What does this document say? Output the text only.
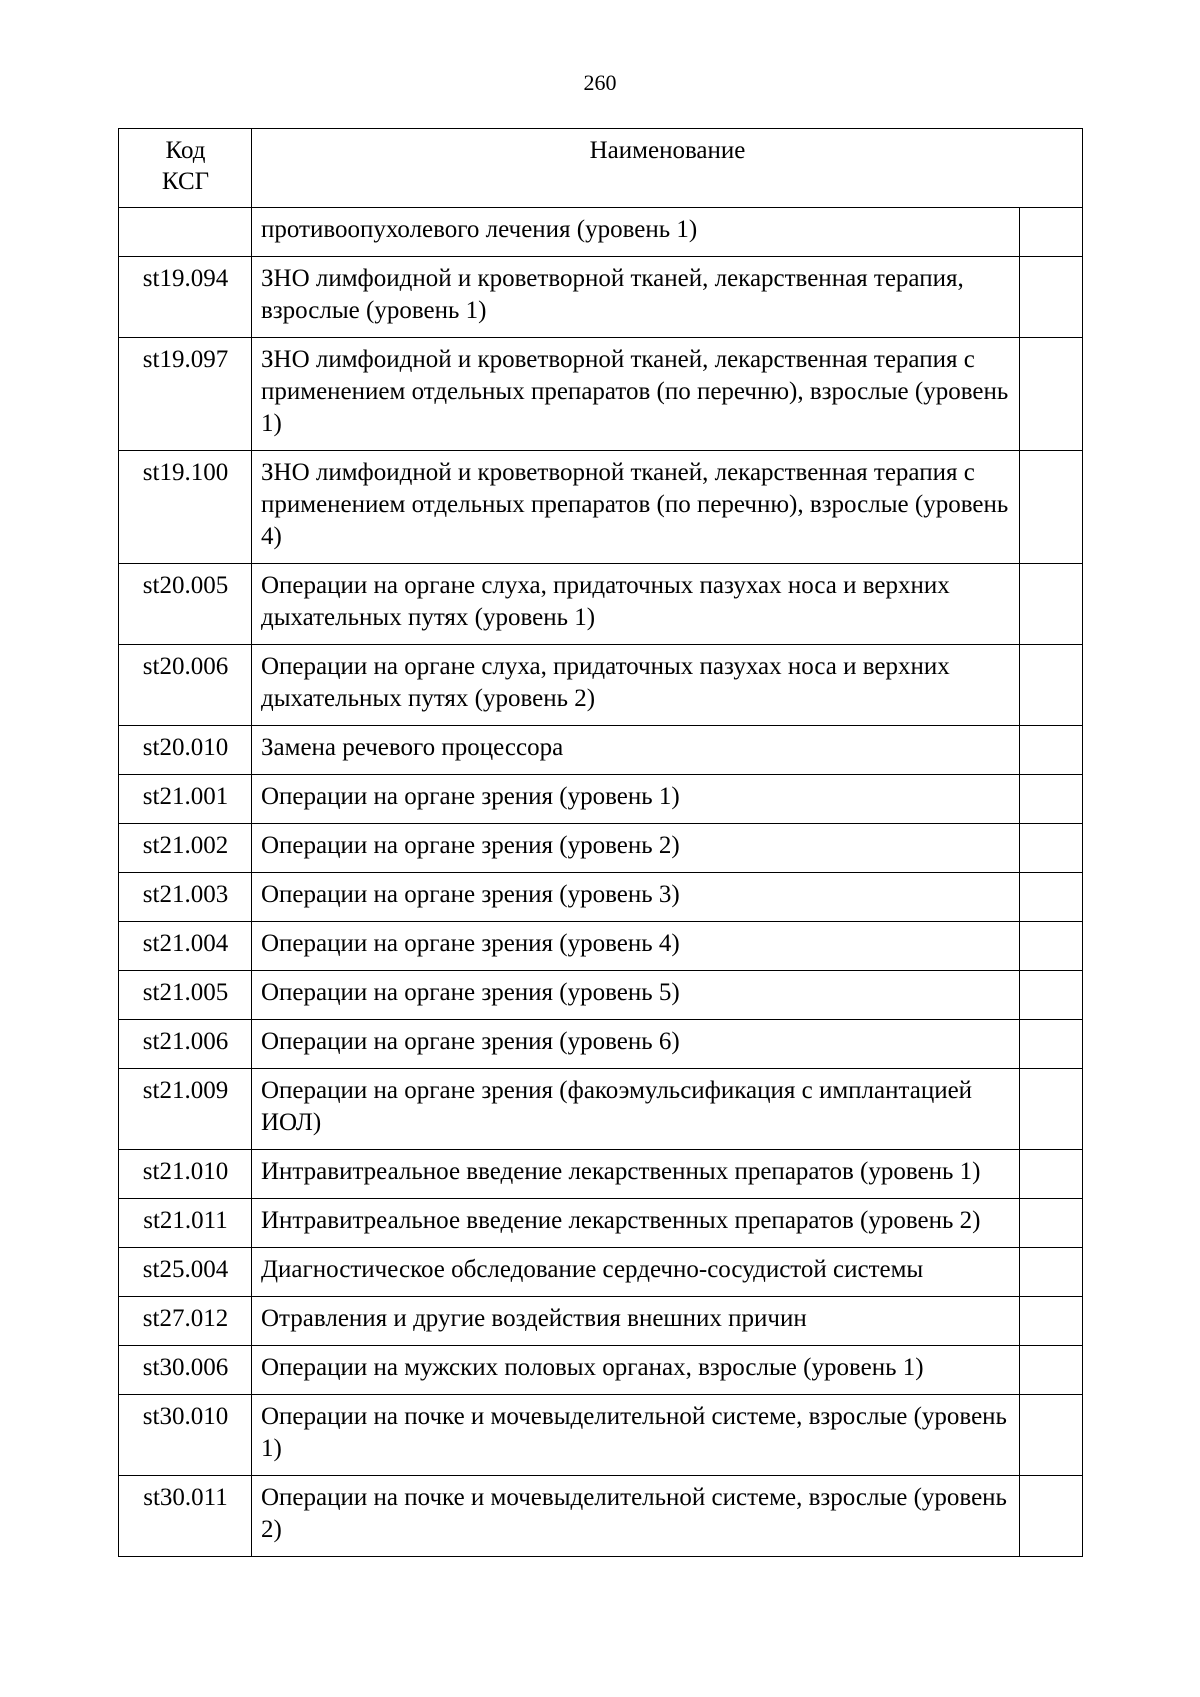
260
Код
КСГ	Наименование	
	противоопухолевого лечения (уровень 1)	
st19.094	ЗНО лимфоидной и кроветворной тканей, лекарственная терапия, взрослые (уровень 1)	
st19.097	ЗНО лимфоидной и кроветворной тканей, лекарственная терапия с применением отдельных препаратов (по перечню), взрослые (уровень 1)	
st19.100	ЗНО лимфоидной и кроветворной тканей, лекарственная терапия с применением отдельных препаратов (по перечню), взрослые (уровень 4)	
st20.005	Операции на органе слуха, придаточных пазухах носа и верхних дыхательных путях (уровень 1)	
st20.006	Операции на органе слуха, придаточных пазухах носа и верхних дыхательных путях (уровень 2)	
st20.010	Замена речевого процессора	
st21.001	Операции на органе зрения (уровень 1)	
st21.002	Операции на органе зрения (уровень 2)	
st21.003	Операции на органе зрения (уровень 3)	
st21.004	Операции на органе зрения (уровень 4)	
st21.005	Операции на органе зрения (уровень 5)	
st21.006	Операции на органе зрения (уровень 6)	
st21.009	Операции на органе зрения (факоэмульсификация с имплантацией ИОЛ)	
st21.010	Интравитреальное введение лекарственных препаратов (уровень 1)	
st21.011	Интравитреальное введение лекарственных препаратов (уровень 2)	
st25.004	Диагностическое обследование сердечно-сосудистой системы	
st27.012	Отравления и другие воздействия внешних причин	
st30.006	Операции на мужских половых органах, взрослые (уровень 1)	
st30.010	Операции на почке и мочевыделительной системе, взрослые (уровень 1)	
st30.011	Операции на почке и мочевыделительной системе, взрослые (уровень 2)	
